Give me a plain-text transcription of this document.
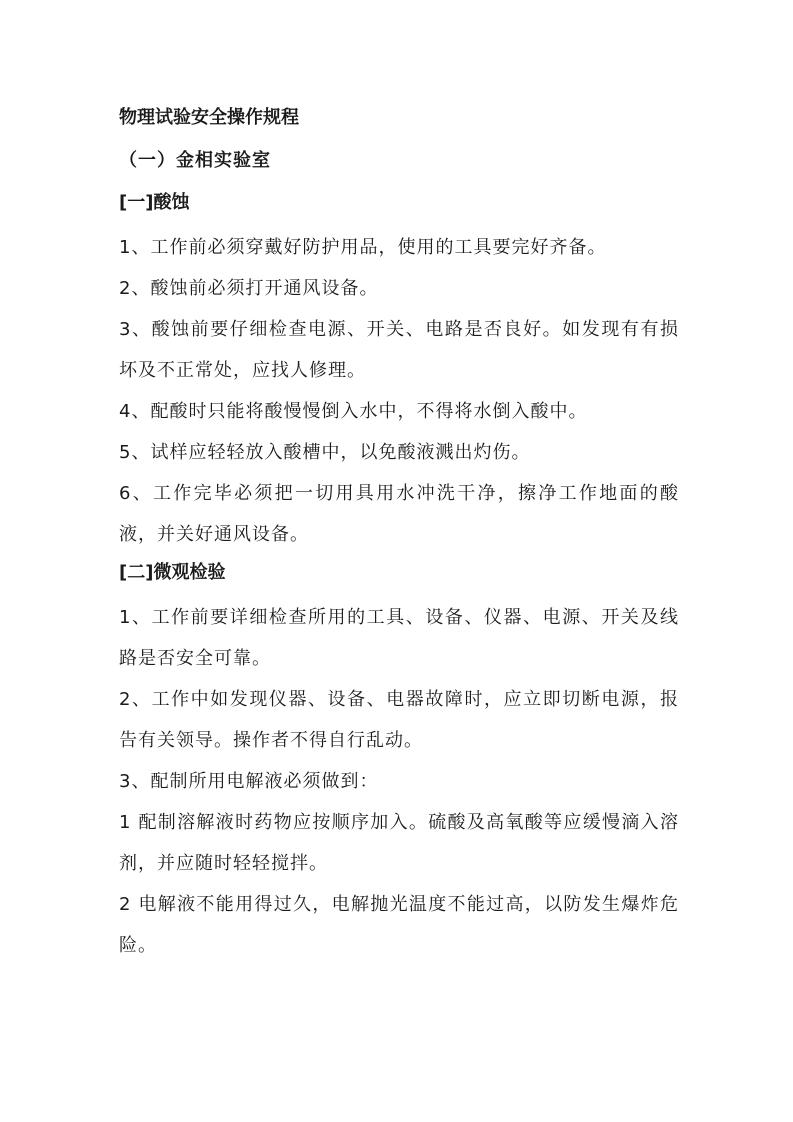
物理试验安全操作规程
（一）金相实验室
[一]酸蚀

1、工作前必须穿戴好防护用品，使用的工具要完好齐备。

2、酸蚀前必须打开通风设备。

3、酸蚀前要仔细检查电源、开关、电路是否良好。如发现有有损坏及不正常处，应找人修理。

4、配酸时只能将酸慢慢倒入水中，不得将水倒入酸中。

5、试样应轻轻放入酸槽中，以免酸液溅出灼伤。

6、工作完毕必须把一切用具用水冲洗干净，擦净工作地面的酸液，并关好通风设备。

[二]微观检验

1、工作前要详细检查所用的工具、设备、仪器、电源、开关及线路是否安全可靠。

2、工作中如发现仪器、设备、电器故障时，应立即切断电源，报告有关领导。操作者不得自行乱动。

3、配制所用电解液必须做到：

1 配制溶解液时药物应按顺序加入。硫酸及高氧酸等应缓慢滴入溶剂，并应随时轻轻搅拌。

2 电解液不能用得过久，电解抛光温度不能过高，以防发生爆炸危险。
